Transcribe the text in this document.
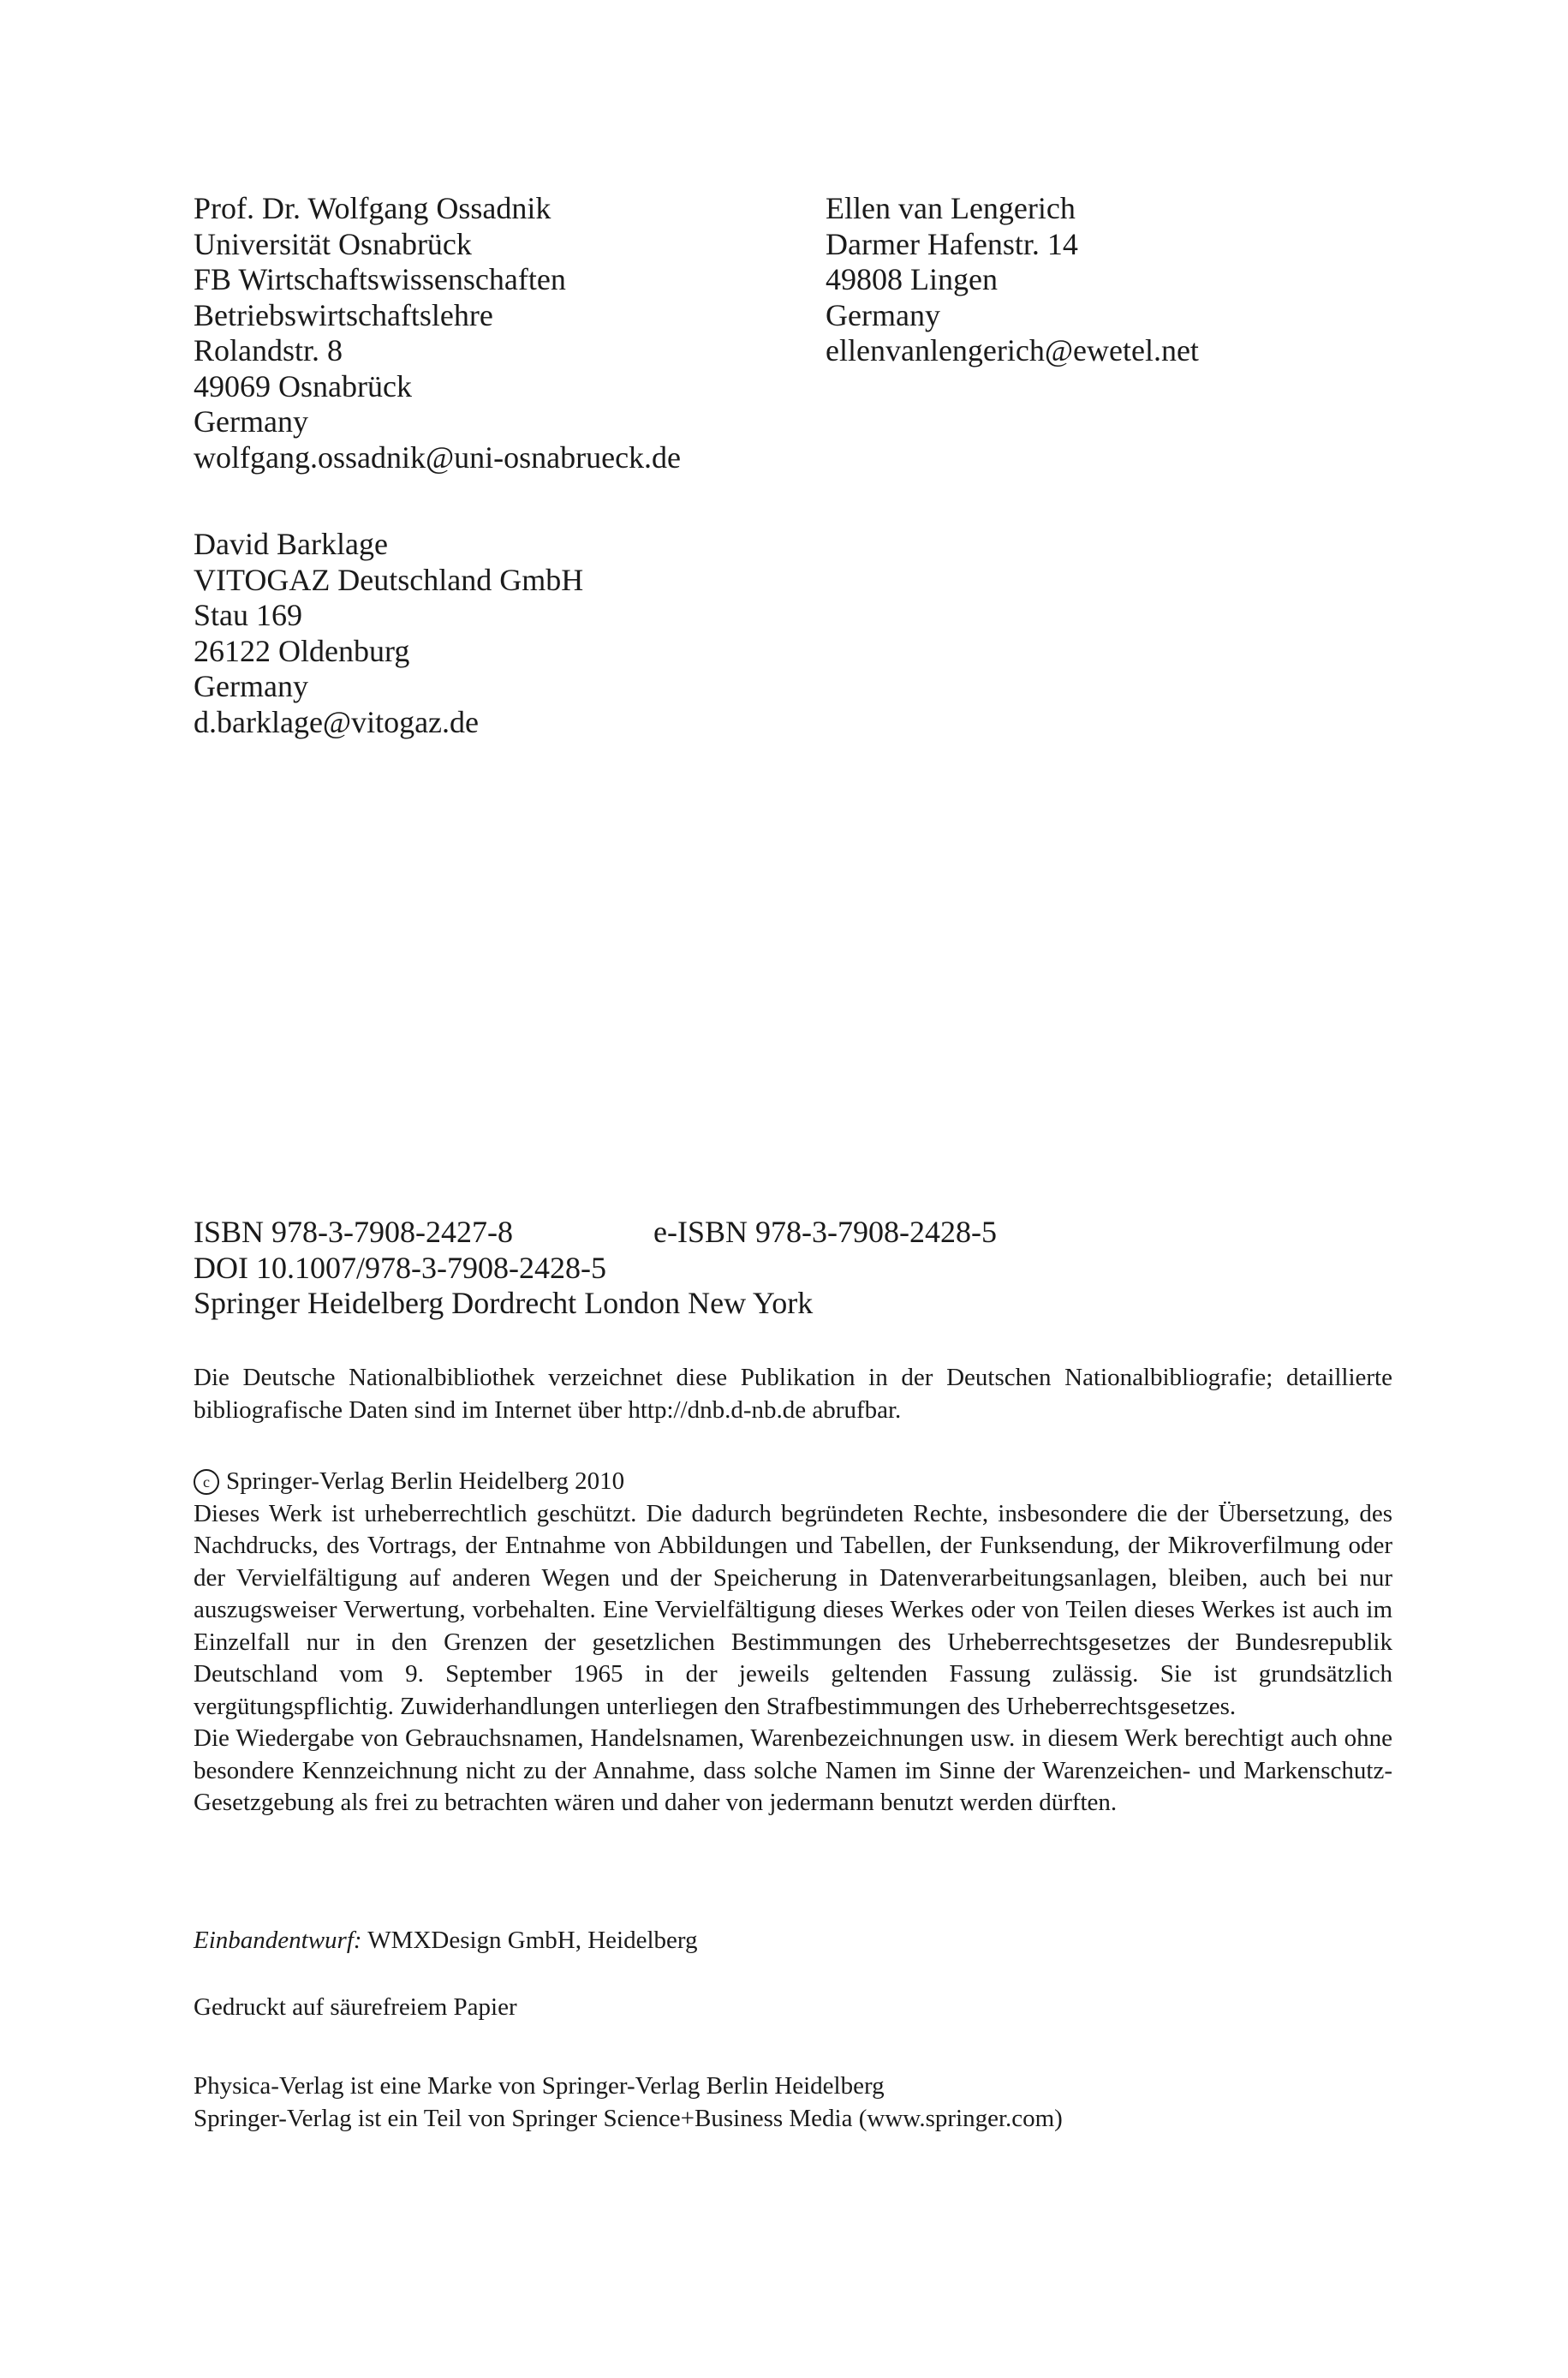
Prof. Dr. Wolfgang Ossadnik
Universität Osnabrück
FB Wirtschaftswissenschaften
Betriebswirtschaftslehre
Rolandstr. 8
49069 Osnabrück
Germany
wolfgang.ossadnik@uni-osnabrueck.de
Ellen van Lengerich
Darmer Hafenstr. 14
49808 Lingen
Germany
ellenvanlengerich@ewetel.net
David Barklage
VITOGAZ Deutschland GmbH
Stau 169
26122 Oldenburg
Germany
d.barklage@vitogaz.de
ISBN 978-3-7908-2427-8	e-ISBN 978-3-7908-2428-5
DOI 10.1007/978-3-7908-2428-5
Springer Heidelberg Dordrecht London New York
Die Deutsche Nationalbibliothek verzeichnet diese Publikation in der Deutschen Nationalbibliografie; detaillierte bibliografische Daten sind im Internet über http://dnb.d-nb.de abrufbar.
c Springer-Verlag Berlin Heidelberg 2010
Dieses Werk ist urheberrechtlich geschützt. Die dadurch begründeten Rechte, insbesondere die der Übersetzung, des Nachdrucks, des Vortrags, der Entnahme von Abbildungen und Tabellen, der Funksendung, der Mikroverfilmung oder der Vervielfältigung auf anderen Wegen und der Speicherung in Datenverarbeitungsanlagen, bleiben, auch bei nur auszugsweiser Verwertung, vorbehalten. Eine Vervielfältigung dieses Werkes oder von Teilen dieses Werkes ist auch im Einzelfall nur in den Grenzen der gesetzlichen Bestimmungen des Urheberrechtsgesetzes der Bundesrepublik Deutschland vom 9. September 1965 in der jeweils geltenden Fassung zulässig. Sie ist grundsätzlich vergütungspflichtig. Zuwiderhandlungen unterliegen den Strafbestimmungen des Urheberrechtsgesetzes.
Die Wiedergabe von Gebrauchsnamen, Handelsnamen, Warenbezeichnungen usw. in diesem Werk berechtigt auch ohne besondere Kennzeichnung nicht zu der Annahme, dass solche Namen im Sinne der Warenzeichen- und Markenschutz-Gesetzgebung als frei zu betrachten wären und daher von jedermann benutzt werden dürften.
Einbandentwurf: WMXDesign GmbH, Heidelberg
Gedruckt auf säurefreiem Papier
Physica-Verlag ist eine Marke von Springer-Verlag Berlin Heidelberg
Springer-Verlag ist ein Teil von Springer Science+Business Media (www.springer.com)
